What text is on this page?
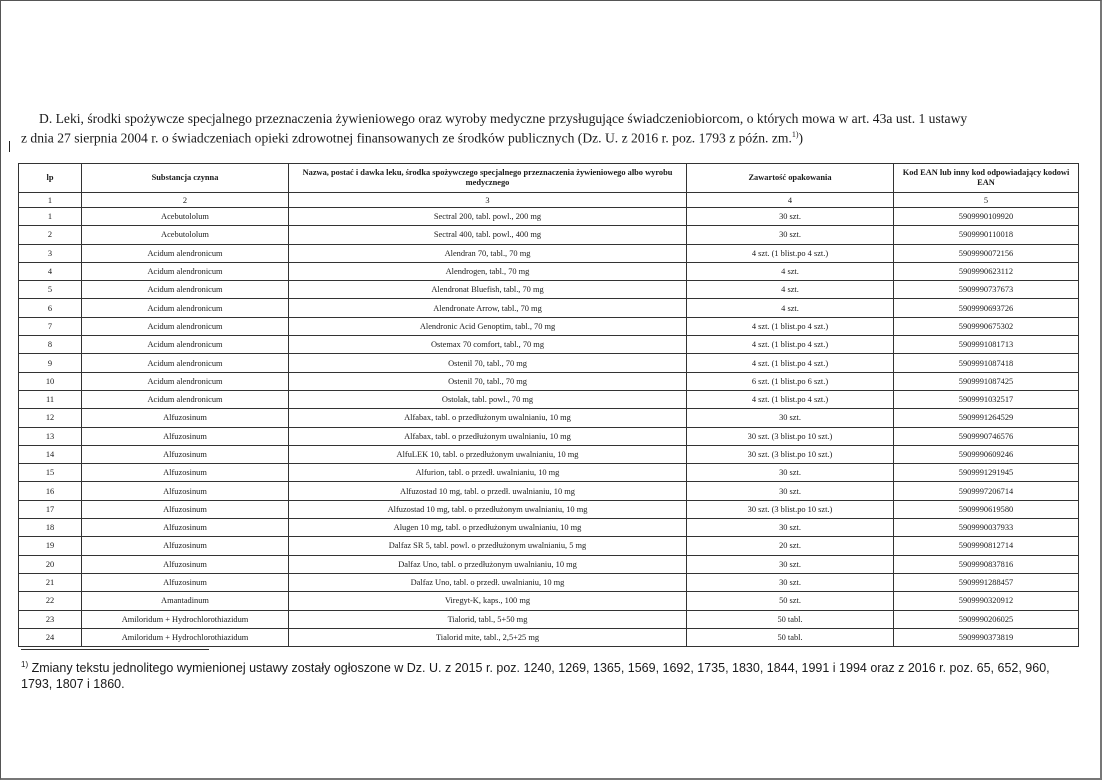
D. Leki, środki spożywcze specjalnego przeznaczenia żywieniowego oraz wyroby medyczne przysługujące świadczeniobiorcom, o których mowa w art. 43a ust. 1 ustawy
z dnia 27 sierpnia 2004 r. o świadczeniach opieki zdrowotnej finansowanych ze środków publicznych (Dz. U. z 2016 r. poz. 1793 z późn. zm.$^{1)}$)
lp	Substancja czynna	Nazwa, postać i dawka leku, środka spożywczego specjalnego przeznaczenia żywieniowego albo wyrobu medycznego	Zawartość opakowania	Kod EAN lub inny kod odpowiadający kodowi EAN
1	2	3	4	5
1	Acebutololum	Sectral 200, tabl. powl., 200 mg	30 szt.	5909990109920
2	Acebutololum	Sectral 400, tabl. powl., 400 mg	30 szt.	5909990110018
3	Acidum alendronicum	Alendran 70, tabl., 70 mg	4 szt. (1 blist.po 4 szt.)	5909990072156
4	Acidum alendronicum	Alendrogen, tabl., 70 mg	4 szt.	5909990623112
5	Acidum alendronicum	Alendronat Bluefish, tabl., 70 mg	4 szt.	5909990737673
6	Acidum alendronicum	Alendronate Arrow, tabl., 70 mg	4 szt.	5909990693726
7	Acidum alendronicum	Alendronic Acid Genoptim, tabl., 70 mg	4 szt. (1 blist.po 4 szt.)	5909990675302
8	Acidum alendronicum	Ostemax 70 comfort, tabl., 70 mg	4 szt. (1 blist.po 4 szt.)	5909991081713
9	Acidum alendronicum	Ostenil 70, tabl., 70 mg	4 szt. (1 blist.po 4 szt.)	5909991087418
10	Acidum alendronicum	Ostenil 70, tabl., 70 mg	6 szt. (1 blist.po 6 szt.)	5909991087425
11	Acidum alendronicum	Ostolak, tabl. powl., 70 mg	4 szt. (1 blist.po 4 szt.)	5909991032517
12	Alfuzosinum	Alfabax, tabl. o przedłużonym uwalnianiu, 10 mg	30 szt.	5909991264529
13	Alfuzosinum	Alfabax, tabl. o przedłużonym uwalnianiu, 10 mg	30 szt. (3 blist.po 10 szt.)	5909990746576
14	Alfuzosinum	AlfuLEK 10, tabl. o przedłużonym uwalnianiu, 10 mg	30 szt. (3 blist.po 10 szt.)	5909990609246
15	Alfuzosinum	Alfurion, tabl. o przedł. uwalnianiu, 10 mg	30 szt.	5909991291945
16	Alfuzosinum	Alfuzostad 10 mg, tabl. o przedł. uwalnianiu, 10 mg	30 szt.	5909997206714
17	Alfuzosinum	Alfuzostad 10 mg, tabl. o przedłużonym uwalnianiu, 10 mg	30 szt. (3 blist.po 10 szt.)	5909990619580
18	Alfuzosinum	Alugen 10 mg, tabl. o przedłużonym uwalnianiu, 10 mg	30 szt.	5909990037933
19	Alfuzosinum	Dalfaz SR 5, tabl. powl. o przedłużonym uwalnianiu, 5 mg	20 szt.	5909990812714
20	Alfuzosinum	Dalfaz Uno, tabl. o przedłużonym uwalnianiu, 10 mg	30 szt.	5909990837816
21	Alfuzosinum	Dalfaz Uno, tabl. o przedł. uwalnianiu, 10 mg	30 szt.	5909991288457
22	Amantadinum	Viregyt-K, kaps., 100 mg	50 szt.	5909990320912
23	Amiloridum + Hydrochlorothiazidum	Tialorid, tabl., 5+50 mg	50 tabl.	5909990206025
24	Amiloridum + Hydrochlorothiazidum	Tialorid mite, tabl., 2,5+25 mg	50 tabl.	5909990373819
$^{1)}$ Zmiany tekstu jednolitego wymienionej ustawy zostały ogłoszone w Dz. U. z 2015 r. poz. 1240, 1269, 1365, 1569, 1692, 1735, 1830, 1844, 1991 i 1994 oraz z 2016 r. poz. 65, 652, 960, 1793, 1807 i 1860.
